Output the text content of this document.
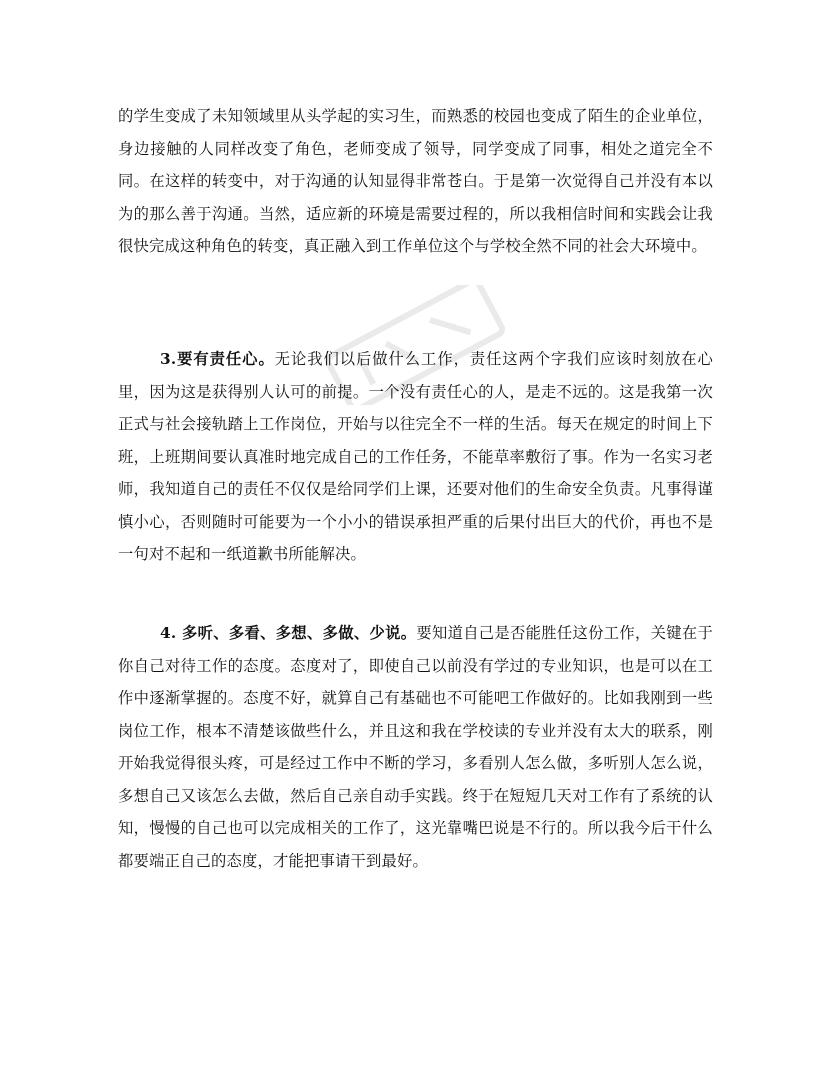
的学生变成了未知领域里从头学起的实习生，而熟悉的校园也变成了陌生的企业单位，身边接触的人同样改变了角色，老师变成了领导，同学变成了同事，相处之道完全不同。在这样的转变中，对于沟通的认知显得非常苍白。于是第一次觉得自己并没有本以为的那么善于沟通。当然，适应新的环境是需要过程的，所以我相信时间和实践会让我很快完成这种角色的转变，真正融入到工作单位这个与学校全然不同的社会大环境中。

3.要有责任心。无论我们以后做什么工作，责任这两个字我们应该时刻放在心里，因为这是获得别人认可的前提。一个没有责任心的人，是走不远的。这是我第一次正式与社会接轨踏上工作岗位，开始与以往完全不一样的生活。每天在规定的时间上下班，上班期间要认真准时地完成自己的工作任务，不能草率敷衍了事。作为一名实习老师，我知道自己的责任不仅仅是给同学们上课，还要对他们的生命安全负责。凡事得谨慎小心，否则随时可能要为一个小小的错误承担严重的后果付出巨大的代价，再也不是一句对不起和一纸道歉书所能解决。

4. 多听、多看、多想、多做、少说。要知道自己是否能胜任这份工作，关键在于你自己对待工作的态度。态度对了，即使自己以前没有学过的专业知识，也是可以在工作中逐渐掌握的。态度不好，就算自己有基础也不可能吧工作做好的。比如我刚到一些岗位工作，根本不清楚该做些什么，并且这和我在学校读的专业并没有太大的联系，刚开始我觉得很头疼，可是经过工作中不断的学习，多看别人怎么做，多听别人怎么说，多想自己又该怎么去做，然后自己亲自动手实践。终于在短短几天对工作有了系统的认知，慢慢的自己也可以完成相关的工作了，这光靠嘴巴说是不行的。所以我今后干什么都要端正自己的态度，才能把事请干到最好。
